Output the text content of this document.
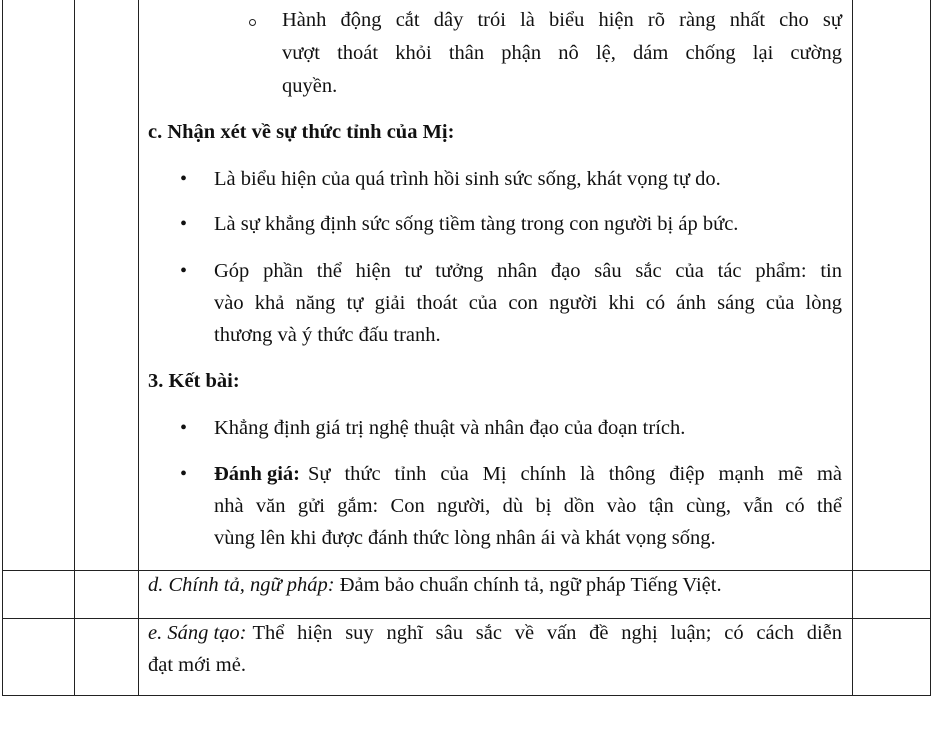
Hành động cắt dây trói là biểu hiện rõ ràng nhất cho sự
vượt thoát khỏi thân phận nô lệ, dám chống lại cường
quyền.
c. Nhận xét về sự thức tỉnh của Mị:
• Là biểu hiện của quá trình hồi sinh sức sống, khát vọng tự do.
• Là sự khẳng định sức sống tiềm tàng trong con người bị áp bức.
• Góp phần thể hiện tư tưởng nhân đạo sâu sắc của tác phẩm: tin
vào khả năng tự giải thoát của con người khi có ánh sáng của lòng
thương và ý thức đấu tranh.
3. Kết bài:
• Khẳng định giá trị nghệ thuật và nhân đạo của đoạn trích.
• Đánh giá: Sự thức tỉnh của Mị chính là thông điệp mạnh mẽ mà
nhà văn gửi gắm: Con người, dù bị dồn vào tận cùng, vẫn có thể
vùng lên khi được đánh thức lòng nhân ái và khát vọng sống.
d. Chính tả, ngữ pháp: Đảm bảo chuẩn chính tả, ngữ pháp Tiếng Việt.
e. Sáng tạo: Thể hiện suy nghĩ sâu sắc về vấn đề nghị luận; có cách diễn
đạt mới mẻ.
